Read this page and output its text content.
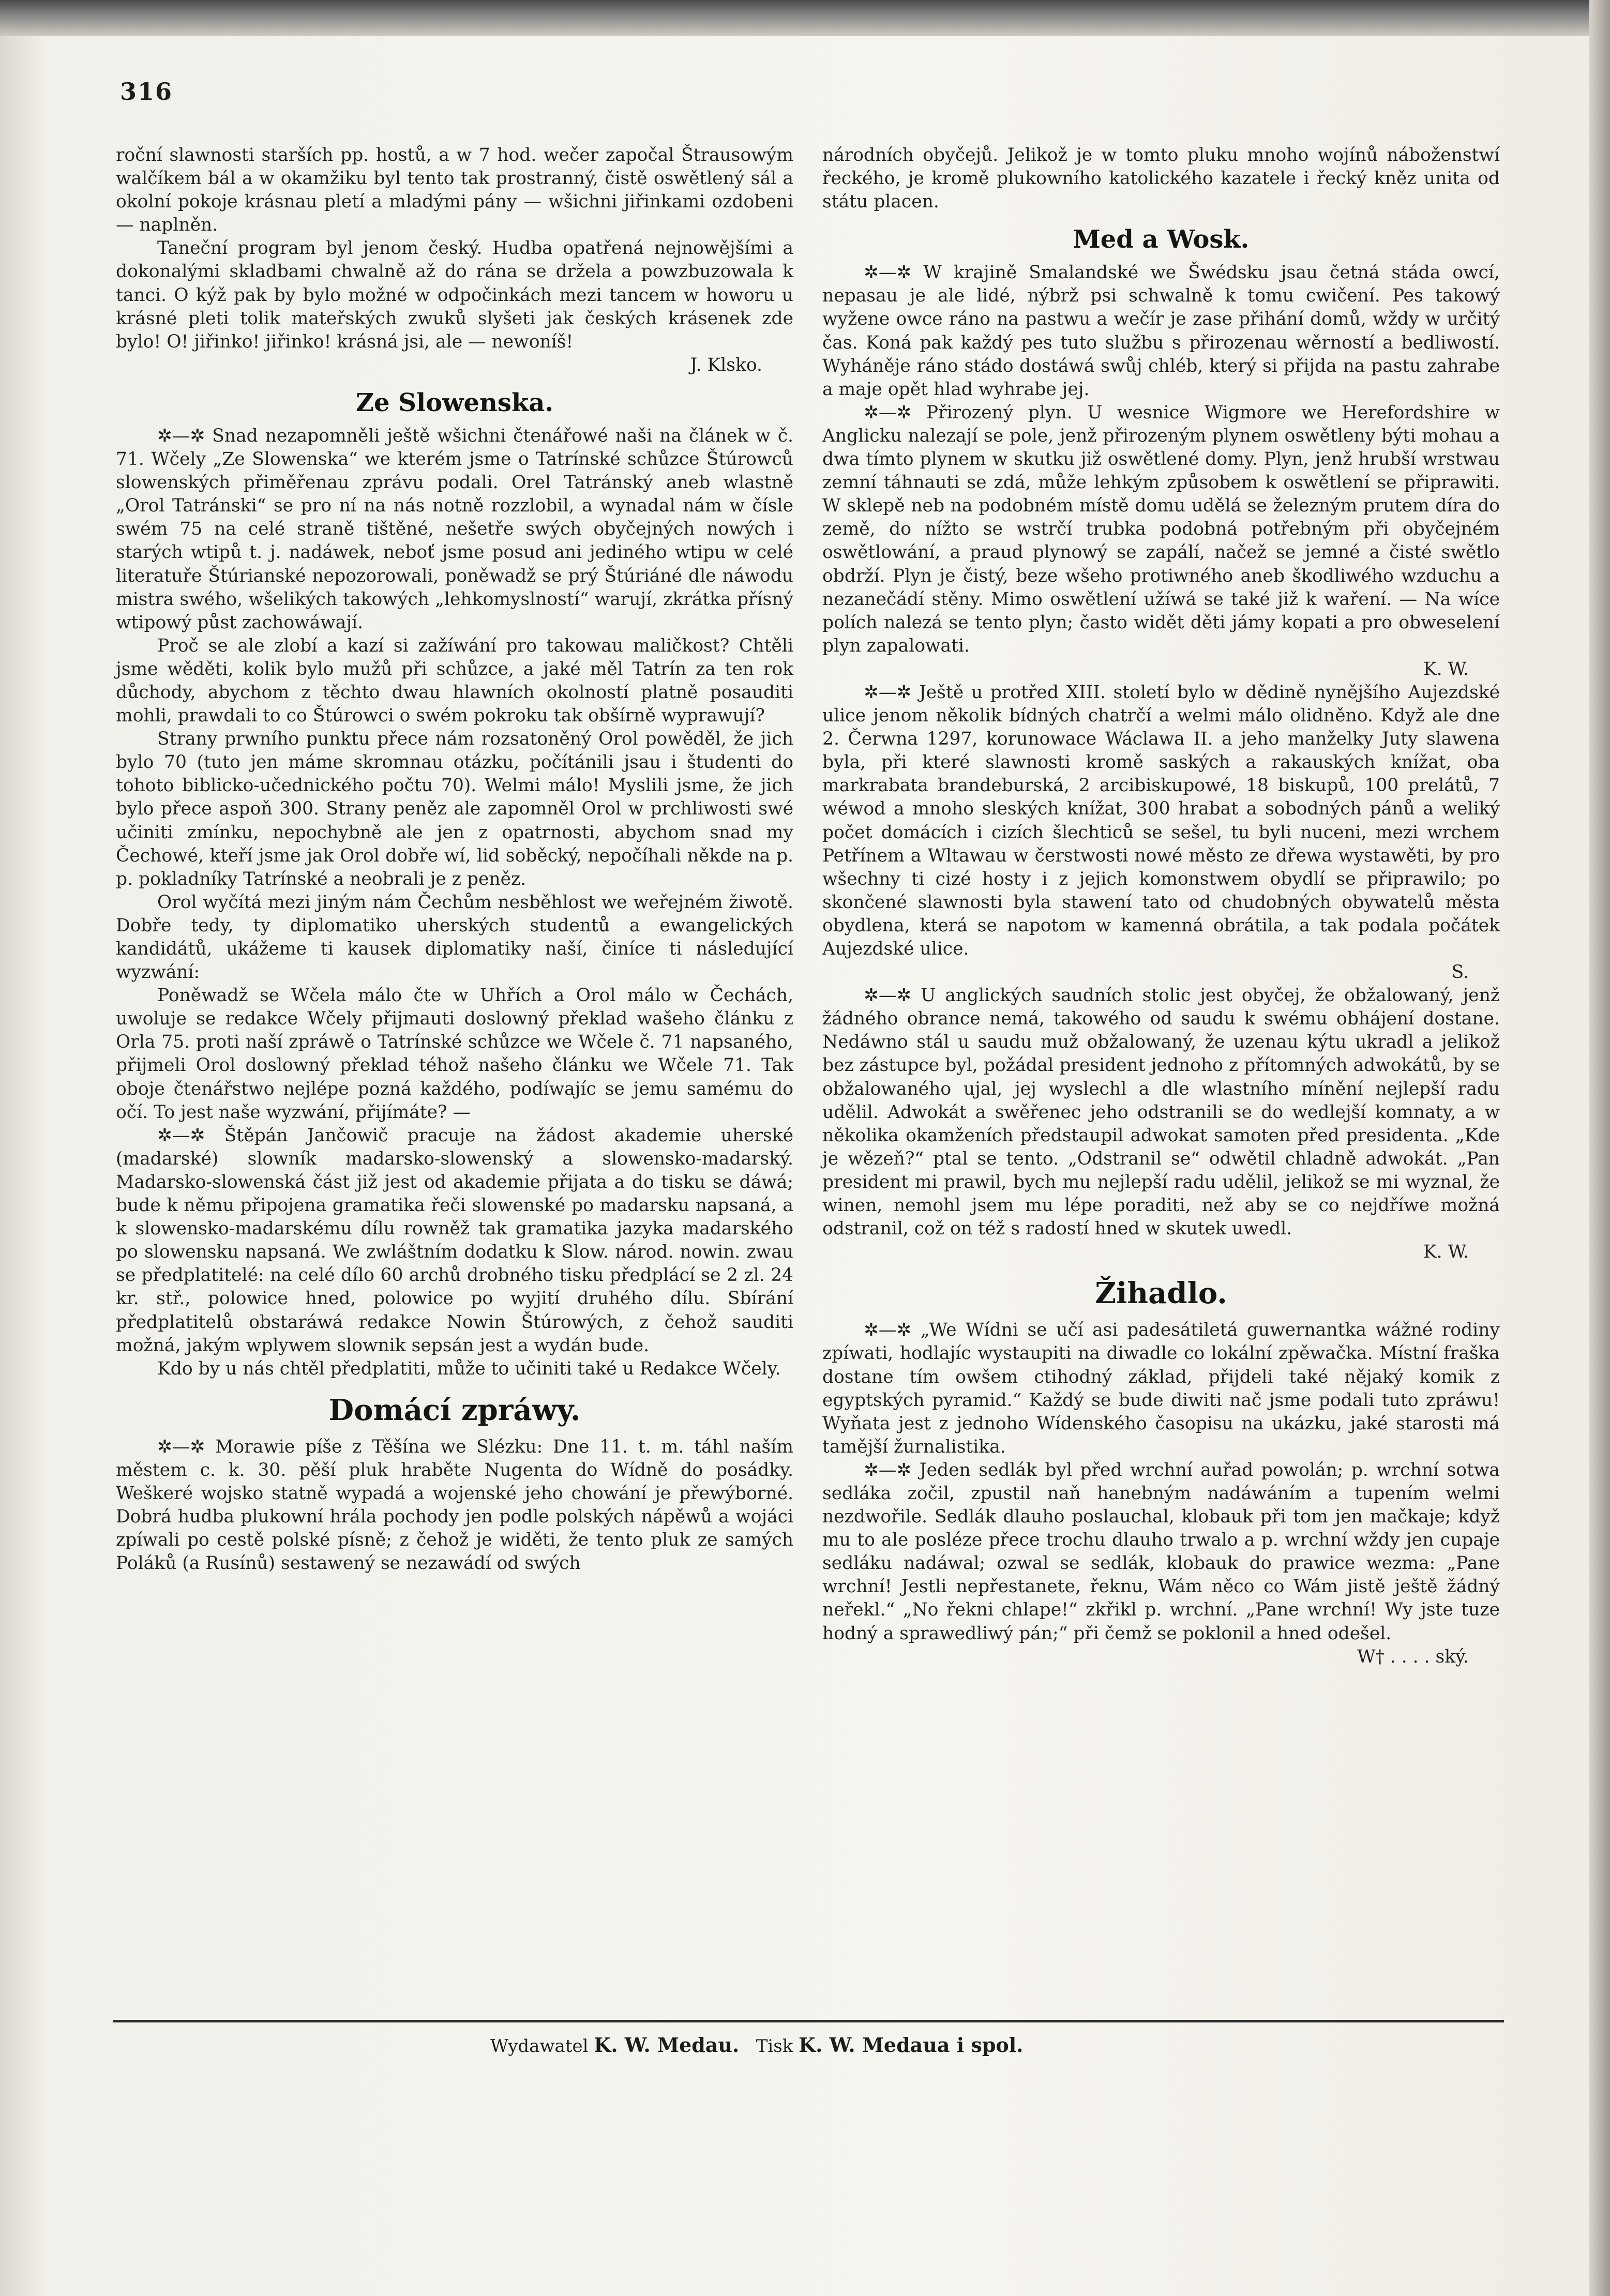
316

roční slawnosti starších pp. hostů, a w 7 hod. wečer započal Štrausowým walčíkem bál a w okamžiku byl tento tak prostranný, čistě oswětlený sál a okolní pokoje krásnau pletí a mladými pány — wšichni jiřinkami ozdobeni — naplněn.

Taneční program byl jenom český. Hudba opatřená nejnowějšími a dokonalými skladbami chwalně až do rána se držela a powzbuzowala k tanci. O kýž pak by bylo možné w odpočinkách mezi tancem w howoru u krásné pleti tolik mateřských zwuků slyšeti jak českých krásenek zde bylo! O! jiřinko! jiřinko! krásná jsi, ale — newoníš!

J. Klsko.

Ze Slowenska.

✲—✲ Snad nezapomněli ještě wšichni čtenářowé naši na článek w č. 71. Wčely „Ze Slowenska“ we kterém jsme o Tatrínské schůzce Štúrowců slowenských přiměřenau zprávu podali. Orel Tatránský aneb wlastně „Orol Tatránski“ se pro ní na nás notně rozzlobil, a wynadal nám w čísle swém 75 na celé straně tištěné, nešetře swých obyčejných nowých i starých wtipů t. j. nadáwek, neboť jsme posud ani jediného wtipu w celé literatuře Štúrianské nepozorowali, poněwadž se prý Štúriáné dle náwodu mistra swého, wšelikých takowých „lehkomyslností“ warují, zkrátka přísný wtipowý půst zachowáwají.

Proč se ale zlobí a kazí si zažíwání pro takowau maličkost? Chtěli jsme wěděti, kolik bylo mužů při schůzce, a jaké měl Tatrín za ten rok důchody, abychom z těchto dwau hlawních okolností platně posauditi mohli, prawdali to co Štúrowci o swém pokroku tak obšírně wyprawují?

Strany prwního punktu přece nám rozsatoněný Orol powěděl, že jich bylo 70 (tuto jen máme skromnau otázku, počítánili jsau i študenti do tohoto biblicko-učednického počtu 70). Welmi málo! Myslili jsme, že jich bylo přece aspoň 300. Strany peněz ale zapomněl Orol w prchliwosti swé učiniti zmínku, nepochybně ale jen z opatrnosti, abychom snad my Čechowé, kteří jsme jak Orol dobře wí, lid soběcký, nepočíhali někde na p. p. pokladníky Tatrínské a neobrali je z peněz.

Orol wyčítá mezi jiným nám Čechům nesběhlost we weřejném žiwotě. Dobře tedy, ty diplomatiko uherských studentů a ewangelických kandidátů, ukážeme ti kausek diplomatiky naší, činíce ti následující wyzwání:

Poněwadž se Wčela málo čte w Uhřích a Orol málo w Čechách, uwoluje se redakce Wčely přijmauti doslowný překlad wašeho článku z Orla 75. proti naší zpráwě o Tatrínské schůzce we Wčele č. 71 napsaného, přijmeli Orol doslowný překlad téhož našeho článku we Wčele 71. Tak oboje čtenářstwo nejlépe pozná každého, podíwajíc se jemu samému do očí. To jest naše wyzwání, přijímáte? —

✲—✲ Štěpán Jančowič pracuje na žádost akademie uherské (madarské) slowník madarsko-slowenský a slowensko-madarský. Madarsko-slowenská část již jest od akademie přijata a do tisku se dáwá; bude k němu připojena gramatika řeči slowenské po madarsku napsaná, a k slowensko-madarskému dílu rowněž tak gramatika jazyka madarského po slowensku napsaná. We zwláštním dodatku k Slow. národ. nowin. zwau se předplatitelé: na celé dílo 60 archů drobného tisku předplácí se 2 zl. 24 kr. stř., polowice hned, polowice po wyjití druhého dílu. Sbírání předplatitelů obstaráwá redakce Nowin Štúrowých, z čehož sauditi možná, jakým wplywem slownik sepsán jest a wydán bude.

Kdo by u nás chtěl předplatiti, může to učiniti také u Redakce Wčely.

Domácí zpráwy.

✲—✲ Morawie píše z Těšína we Slézku: Dne 11. t. m. táhl naším městem c. k. 30. pěší pluk hraběte Nugenta do Wídně do posádky. Weškeré wojsko statně wypadá a wojenské jeho chowání je přewýborné. Dobrá hudba plukowní hrála pochody jen podle polských nápěwů a wojáci zpíwali po cestě polské písně; z čehož je widěti, že tento pluk ze samých Poláků (a Rusínů) sestawený se nezawádí od swých

národních obyčejů. Jelikož je w tomto pluku mnoho wojínů náboženstwí řeckého, je kromě plukowního katolického kazatele i řecký kněz unita od státu placen.

Med a Wosk.

✲—✲ W krajině Smalandské we Šwédsku jsau četná stáda owcí, nepasau je ale lidé, nýbrž psi schwalně k tomu cwičení. Pes takowý wyžene owce ráno na pastwu a wečír je zase přihání domů, wždy w určitý čas. Koná pak každý pes tuto službu s přirozenau wěrností a bedliwostí. Wyháněje ráno stádo dostáwá swůj chléb, který si přijda na pastu zahrabe a maje opět hlad wyhrabe jej.

✲—✲ Přirozený plyn. U wesnice Wigmore we Herefordshire w Anglicku nalezají se pole, jenž přirozeným plynem oswětleny býti mohau a dwa tímto plynem w skutku již oswětlené domy. Plyn, jenž hrubší wrstwau zemní táhnauti se zdá, může lehkým způsobem k oswětlení se připrawiti. W sklepě neb na podobném místě domu udělá se železným prutem díra do země, do nížto se wstrčí trubka podobná potřebným při obyčejném oswětlowání, a praud plynowý se zapálí, načež se jemné a čisté swětlo obdrží. Plyn je čistý, beze wšeho protiwného aneb škodliwého wzduchu a nezanečádí stěny. Mimo oswětlení užíwá se také již k waření. — Na wíce polích nalezá se tento plyn; často widět děti jámy kopati a pro obweselení plyn zapalowati.

K. W.

✲—✲ Ještě u protřed XIII. století bylo w dědině nynějšího Aujezdské ulice jenom několik bídných chatrčí a welmi málo olidněno. Když ale dne 2. Čerwna 1297, korunowace Wáclawa II. a jeho manželky Juty slawena byla, při které slawnosti kromě saských a rakauských knížat, oba markrabata brandeburská, 2 arcibiskupowé, 18 biskupů, 100 prelátů, 7 wéwod a mnoho sleských knížat, 300 hrabat a sobodných pánů a weliký počet domácích i cizích šlechticů se sešel, tu byli nuceni, mezi wrchem Petřínem a Wltawau w čerstwosti nowé město ze dřewa wystawěti, by pro wšechny ti cizé hosty i z jejich komonstwem obydlí se připrawilo; po skončené slawnosti byla stawení tato od chudobných obywatelů města obydlena, která se napotom w kamenná obrátila, a tak podala počátek Aujezdské ulice.

S.

✲—✲ U anglických saudních stolic jest obyčej, že obžalowaný, jenž žádného obrance nemá, takowého od saudu k swému obhájení dostane. Nedáwno stál u saudu muž obžalowaný, že uzenau kýtu ukradl a jelikož bez zástupce byl, požádal president jednoho z přítomných adwokátů, by se obžalowaného ujal, jej wyslechl a dle wlastního mínění nejlepší radu udělil. Adwokát a swěřenec jeho odstranili se do wedlejší komnaty, a w několika okamženích předstaupil adwokat samoten před presidenta. „Kde je wězeň?“ ptal se tento. „Odstranil se“ odwětil chladně adwokát. „Pan president mi prawil, bych mu nejlepší radu udělil, jelikož se mi wyznal, že winen, nemohl jsem mu lépe poraditi, než aby se co nejdříwe možná odstranil, což on též s radostí hned w skutek uwedl.

K. W.

Žihadlo.

✲—✲ „We Wídni se učí asi padesátiletá guwernantka wážné rodiny zpíwati, hodlajíc wystaupiti na diwadle co lokální zpěwačka. Místní fraška dostane tím owšem ctihodný základ, přijdeli také nějaký komik z egyptských pyramid.“ Každý se bude diwiti nač jsme podali tuto zpráwu! Wyňata jest z jednoho Wídenského časopisu na ukázku, jaké starosti má tamější žurnalistika.

✲—✲ Jeden sedlák byl před wrchní auřad powolán; p. wrchní sotwa sedláka zočil, zpustil naň hanebným nadáwáním a tupením welmi nezdwořile. Sedlák dlauho poslauchal, klobauk při tom jen mačkaje; když mu to ale posléze přece trochu dlauho trwalo a p. wrchní wždy jen cupaje sedláku nadáwal; ozwal se sedlák, klobauk do prawice wezma: „Pane wrchní! Jestli nepřestanete, řeknu, Wám něco co Wám jistě ještě žádný neřekl.“ „No řekni chlape!“ zkřikl p. wrchní. „Pane wrchní! Wy jste tuze hodný a sprawedliwý pán;“ při čemž se poklonil a hned odešel.

W† . . . . ský.

Wydawatel K. W. Medau. Tisk K. W. Medaua i spol.
